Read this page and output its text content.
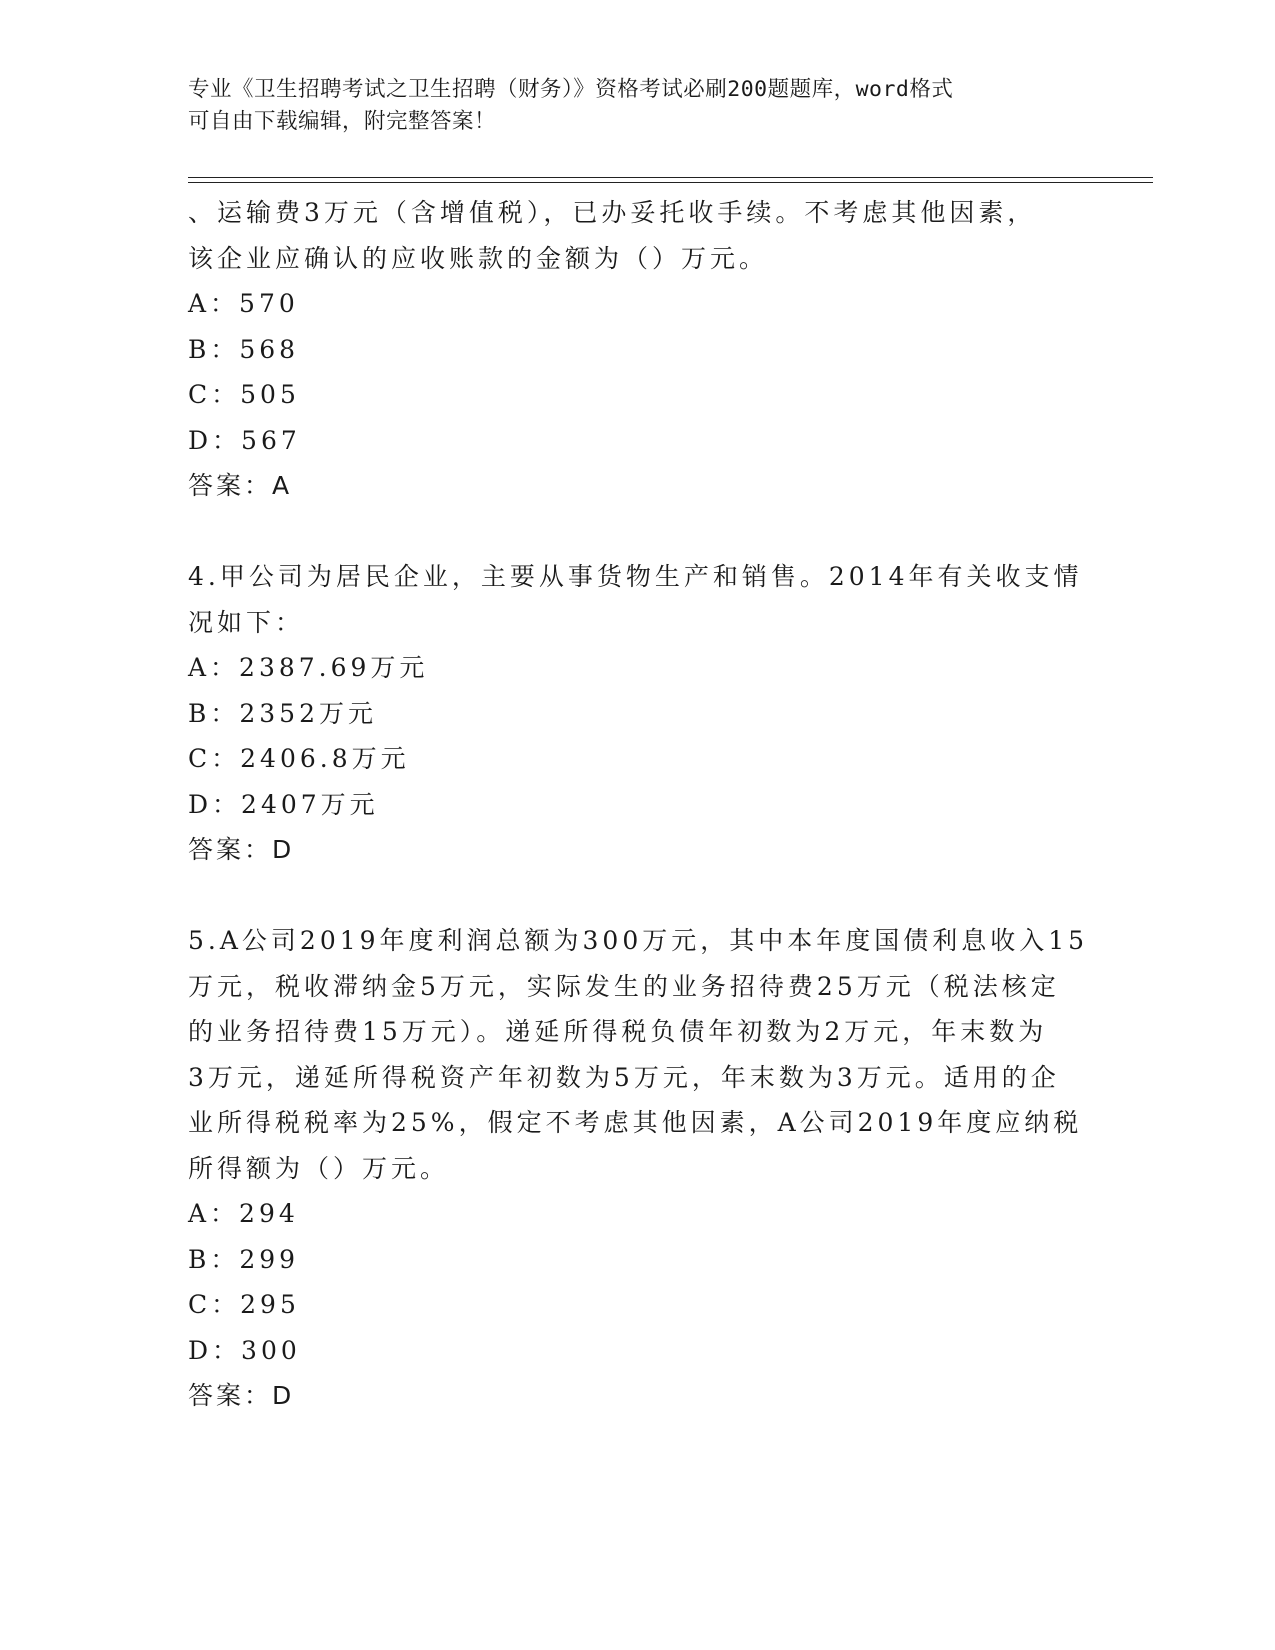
专业《卫生招聘考试之卫生招聘（财务）》资格考试必刷200题题库，word格式
可自由下载编辑，附完整答案！
、运输费3万元（含增值税），已办妥托收手续。不考虑其他因素，
该企业应确认的应收账款的金额为（）万元。
A：570
B：568
C：505
D：567
答案：A
4.甲公司为居民企业，主要从事货物生产和销售。2014年有关收支情
况如下：
A：2387.69万元
B：2352万元
C：2406.8万元
D：2407万元
答案：D
5.A公司2019年度利润总额为300万元，其中本年度国债利息收入15
万元，税收滞纳金5万元，实际发生的业务招待费25万元（税法核定
的业务招待费15万元）。递延所得税负债年初数为2万元，年末数为
3万元，递延所得税资产年初数为5万元，年末数为3万元。适用的企
业所得税税率为25%，假定不考虑其他因素，A公司2019年度应纳税
所得额为（）万元。
A：294
B：299
C：295
D：300
答案：D
